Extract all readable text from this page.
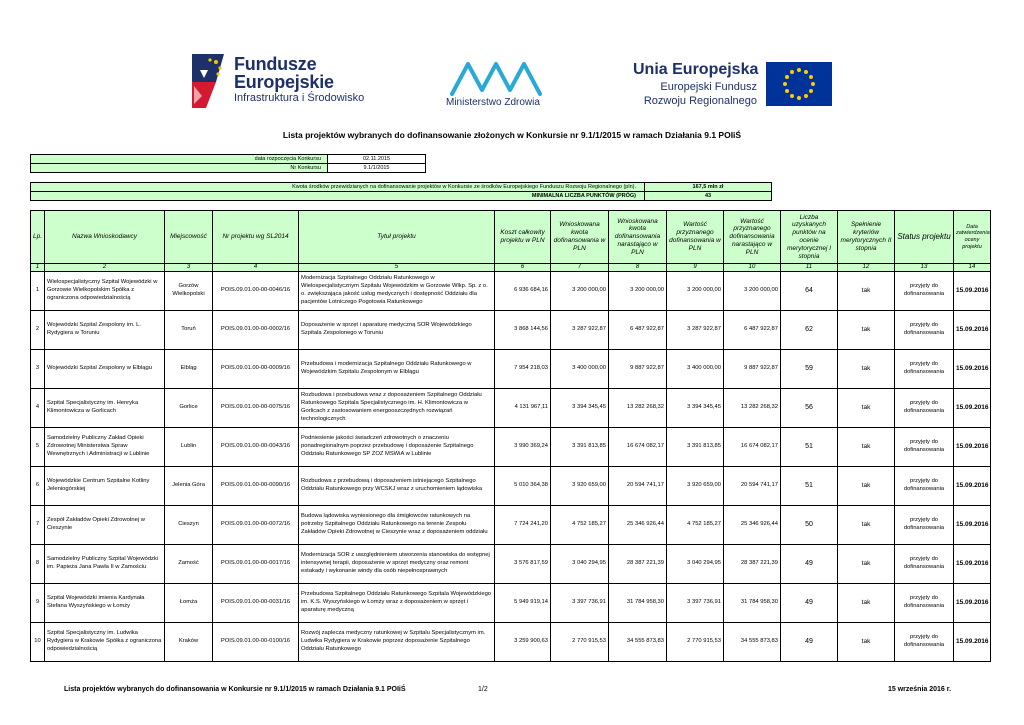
Fundusze
Europejskie
Infrastruktura i Środowisko	Ministerstwo Zdrowia
Unia Europejska
Europejski Fundusz
Rozwoju Regionalnego
Lista projektów wybranych do dofinansowanie złożonych w Konkursie nr 9.1/1/2015 w ramach Działania 9.1 POIiŚ
data rozpoczęcia Konkursu	02.11.2015
Nr Konkursu	9.1/1/2015
Kwota środków przewidzianych na dofinansowanie projektów w Konkursie ze środków Europejskiego Funduszu Rozwoju Regionalnego (pln).	167,5 mln zł
MINIMALNA LICZBA PUNKTÓW (PRÓG)	43
Lp.	Nazwa Wnioskodawcy	Miejscowość	Nr projektu wg SL2014	Tytuł projektu	Koszt całkowity projektu w PLN	Wnioskowana kwota dofinansowania w PLN	Wnioskowana kwota dofinansowania narastająco w PLN	Wartość przyznanego dofinansowania w PLN	Wartość przyznanego dofinansowania narastająco w PLN	Liczba uzyskanych punktów na ocenie merytorycznej I stopnia	Spełnienie kryteriów merytorycznych II stopnia	Status projektu	Data zatwierdzenia oceny projektu
1	2	3	4	5	6	7	8	9	10	11	12	13	14
1	Wielospecjalistyczny Szpital Wojewódzki w Gorzowie Wielkopolskim Spółka z ograniczona odpowiedzialnością	Gorzów Wielkopolski	POIS.09.01.00-00-0046/16	Modernizacja Szpitalnego Oddziału Ratunkowego w Wielospecjalistycznym Szpitalu Wojewódzkim w Gorzowie Wlkp. Sp. z o. o. zwiększająca jakość usług medycznych i dostępność Oddziału dla pacjentów Lotniczego Pogotowia Ratunkowego	6 936 684,16	3 200 000,00	3 200 000,00	3 200 000,00	3 200 000,00	64	tak	przyjęty do dofinansowania	15.09.2016
2	Wojewódzki Szpital Zespolony im. L. Rydygiera w Toruniu	Toruń	POIS.09.01.00-00-0002/16	Doposażenie w sprzęt i aparaturę medyczną SOR Wojewódzkiego Szpitala Zespolonego w Toruniu	3 868 144,56	3 287 922,87	6 487 922,87	3 287 922,87	6 487 922,87	62	tak	przyjęty do dofinansowania	15.09.2016
3	Wojewódzki Szpital Zespolony w Elblągu	Elbląg	POIS.09.01.00-00-0009/16	Przebudowa i modernizacja Szpitalnego Oddziału Ratunkowego w Wojewódzkim Szpitalu Zespolonym w Elblągu	7 954 218,03	3 400 000,00	9 887 922,87	3 400 000,00	9 887 922,87	59	tak	przyjęty do dofinansowania	15.09.2016
4	Szpital Specjalistyczny im. Henryka Klimontowicza w Gorlicach	Gorlice	POIS.09.01.00-00-0075/16	Rozbudowa i przebudowa wraz z doposażeniem Szpitalnego Oddziału Ratunkowego Szpitala Specjalistycznego im. H. Klimontowicza w Gorlicach z zastosowaniem energooszczędnych rozwiązań technologicznych	4 131 967,11	3 394 345,45	13 282 268,32	3 394 345,45	13 282 268,32	56	tak	przyjęty do dofinansowania	15.09.2016
5	Samodzielny Publiczny Zakład Opieki Zdrowotnej Ministerstwa Spraw Wewnętrznych i Administracji w Lublinie	Lublin	POIS.09.01.00-00-0043/16	Podniesienie jakości świadczeń zdrowotnych o znaczeniu ponadregionalnym poprzez przebudowę i doposażenie Szpitalnego Oddziału Ratunkowego SP ZOZ MSWiA w Lublinie	3 990 369,24	3 391 813,85	16 674 082,17	3 391 813,85	16 674 082,17	51	tak	przyjęty do dofinansowania	15.09.2016
6	Wojewódzkie Centrum Szpitalne Kotliny Jeleniogórskiej	Jelenia Góra	POIS.09.01.00-00-0090/16	Rozbudowa z przebudową i doposażeniem istniejącego Szpitalnego Oddziału Ratunkowego przy WCSKJ wraz z uruchomieniem lądowiska	5 010 364,38	3 920 659,00	20 594 741,17	3 920 659,00	20 594 741,17	51	tak	przyjęty do dofinansowania	15.09.2016
7	Zespół Zakładów Opieki Zdrowotnej w Cieszynie	Cieszyn	POIS.09.01.00-00-0072/16	Budowa lądowiska wyniesionego dla śmigłowców ratunkowych na potrzeby Szpitalnego Oddziału Ratunkowego na terenie Zespołu Zakładów Opieki Zdrowotnej w Cieszynie wraz z doposażeniem oddziału	7 724 241,20	4 752 185,27	25 346 926,44	4 752 185,27	25 346 926,44	50	tak	przyjęty do dofinansowania	15.09.2016
8	Samodzielny Publiczny Szpital Wojewódzki im. Papieża Jana Pawła II w Zamościu	Zamość	POIS.09.01.00-00-0017/16	Modernizacja SOR z uwzględnieniem utworzenia stanowiska do wstępnej intensywnej terapii, doposażenie w sprzęt medyczny oraz remont estakady i wykonanie windy dla osób niepełnosprawnych	3 576 817,59	3 040 294,95	28 387 221,39	3 040 294,95	28 387 221,39	49	tak	przyjęty do dofinansowania	15.09.2016
9	Szpital Wojewódzki imienia Kardynała Stefana Wyszyńskiego w Łomży	Łomża	POIS.09.01.00-00-0031/16	Przebudowa Szpitalnego Oddziału Ratunkowego Szpitala Wojewódzkiego im. K.S. Wyszyńskiego w Łomży wraz z doposażeniem w sprzęt i aparaturę medyczną	5 949 919,14	3 397 736,91	31 784 958,30	3 397 736,91	31 784 958,30	49	tak	przyjęty do dofinansowania	15.09.2016
10	Szpital Specjalistyczny im. Ludwika Rydygiera w Krakowie Spółka z ograniczona odpowiedzialnością	Kraków	POIS.09.01.00-00-0100/16	Rozwój zaplecza medyczny ratunkowej w Szpitalu Specjalistycznym im. Ludwika Rydygiera w Krakowie poprzez doposażenie Szpitalnego Oddziału Ratunkowego	3 259 900,63	2 770 915,53	34 555 873,83	2 770 915,53	34 555 873,83	49	tak	przyjęty do dofinansowania	15.09.2016
Lista projektów wybranych do dofinansowania w Konkursie nr 9.1/1/2015 w ramach Działania 9.1 POIiŚ	1/2	15 września 2016 r.
